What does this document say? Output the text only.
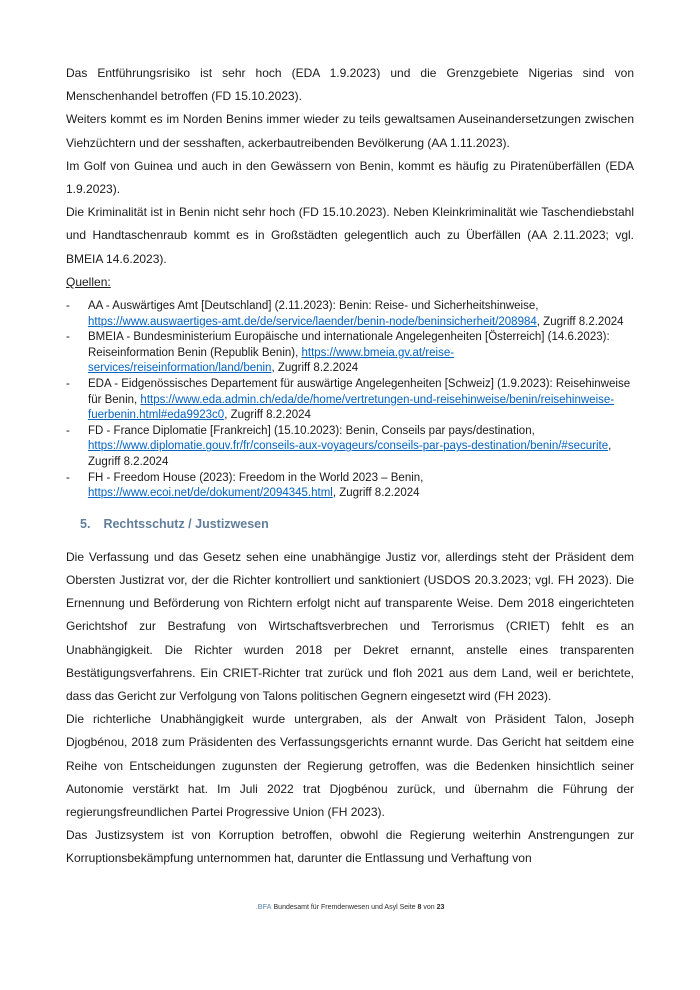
Das Entführungsrisiko ist sehr hoch (EDA 1.9.2023) und die Grenzgebiete Nigerias sind von Menschenhandel betroffen (FD 15.10.2023).

Weiters kommt es im Norden Benins immer wieder zu teils gewaltsamen Auseinandersetzungen zwischen Viehzüchtern und der sesshaften, ackerbautreibenden Bevölkerung (AA 1.11.2023).

Im Golf von Guinea und auch in den Gewässern von Benin, kommt es häufig zu Piratenüberfällen (EDA 1.9.2023).

Die Kriminalität ist in Benin nicht sehr hoch (FD 15.10.2023). Neben Kleinkriminalität wie Taschendiebstahl und Handtaschenraub kommt es in Großstädten gelegentlich auch zu Überfällen (AA 2.11.2023; vgl. BMEIA 14.6.2023).

Quellen:

-	AA - Auswärtiges Amt [Deutschland] (2.11.2023): Benin: Reise- und Sicherheitshinweise, https://www.auswaertiges-amt.de/de/service/laender/benin-node/beninsicherheit/208984, Zugriff 8.2.2024
-	BMEIA - Bundesministerium Europäische und internationale Angelegenheiten [Österreich] (14.6.2023): Reiseinformation Benin (Republik Benin), https://www.bmeia.gv.at/reise-services/reiseinformation/land/benin, Zugriff 8.2.2024
-	EDA - Eidgenössisches Departement für auswärtige Angelegenheiten [Schweiz] (1.9.2023): Reisehinweise für Benin, https://www.eda.admin.ch/eda/de/home/vertretungen-und-reisehinweise/benin/reisehinweise-fuerbenin.html#eda9923c0, Zugriff 8.2.2024
-	FD - France Diplomatie [Frankreich] (15.10.2023): Benin, Conseils par pays/destination, https://www.diplomatie.gouv.fr/fr/conseils-aux-voyageurs/conseils-par-pays-destination/benin/#securite, Zugriff 8.2.2024
-	FH - Freedom House (2023): Freedom in the World 2023 – Benin, https://www.ecoi.net/de/dokument/2094345.html, Zugriff 8.2.2024
5. Rechtsschutz / Justizwesen

Die Verfassung und das Gesetz sehen eine unabhängige Justiz vor, allerdings steht der Präsident dem Obersten Justizrat vor, der die Richter kontrolliert und sanktioniert (USDOS 20.3.2023; vgl. FH 2023). Die Ernennung und Beförderung von Richtern erfolgt nicht auf transparente Weise. Dem 2018 eingerichteten Gerichtshof zur Bestrafung von Wirtschaftsverbrechen und Terrorismus (CRIET) fehlt es an Unabhängigkeit. Die Richter wurden 2018 per Dekret ernannt, anstelle eines transparenten Bestätigungsverfahrens. Ein CRIET-Richter trat zurück und floh 2021 aus dem Land, weil er berichtete, dass das Gericht zur Verfolgung von Talons politischen Gegnern eingesetzt wird (FH 2023).

Die richterliche Unabhängigkeit wurde untergraben, als der Anwalt von Präsident Talon, Joseph Djogbénou, 2018 zum Präsidenten des Verfassungsgerichts ernannt wurde. Das Gericht hat seitdem eine Reihe von Entscheidungen zugunsten der Regierung getroffen, was die Bedenken hinsichtlich seiner Autonomie verstärkt hat. Im Juli 2022 trat Djogbénou zurück, und übernahm die Führung der regierungsfreundlichen Partei Progressive Union (FH 2023).

Das Justizsystem ist von Korruption betroffen, obwohl die Regierung weiterhin Anstrengungen zur Korruptionsbekämpfung unternommen hat, darunter die Entlassung und Verhaftung von

.BFA Bundesamt für Fremdenwesen und Asyl Seite 8 von 23
